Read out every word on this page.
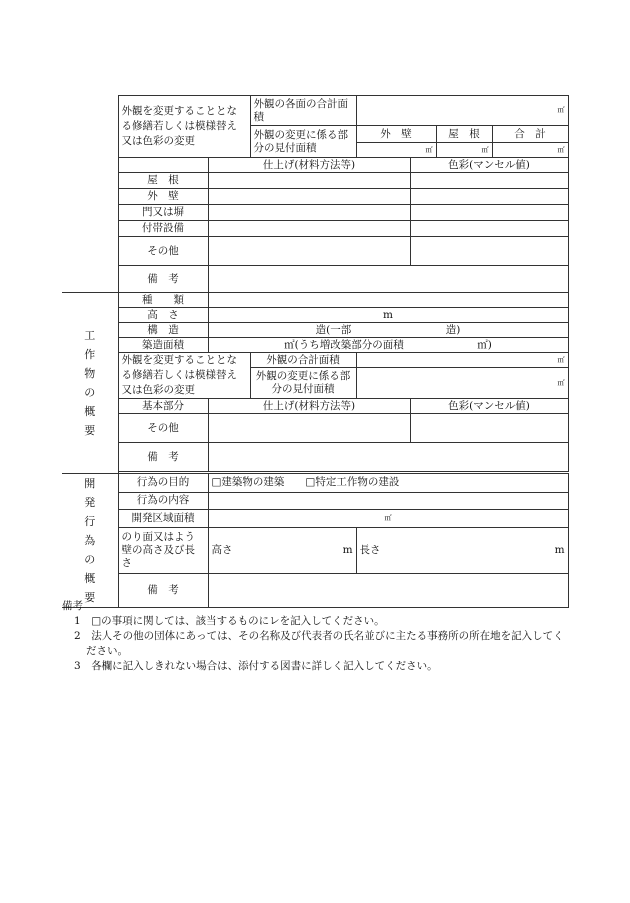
	外観を変更することとなる修繕若しくは模様替え又は色彩の変更		外観の各面の合計面積	㎡
			外観の変更に係る部分の見付面積	外　壁		屋　根	合　計
				㎡		㎡	㎡
		仕上げ(材料方法等)			色彩(マンセル値)		
	屋　根						
	外　壁						
	門又は塀						
	付帯設備						
	その他						
	備　考						
工作物の概要	種　　類						
	高　さ	m					
	構　造	造(一部　　　　　　　　　造)					
	築造面積	㎡(うち増改築部分の面積　　　　　　　㎡)					
	外観を変更することとなる修繕若しくは模様替え又は色彩の変更		外観の合計面積	㎡
			外観の変更に係る部分の見付面積	㎡

	基本部分	仕上げ(材料方法等)			色彩(マンセル値)		
	その他						
	備　考						

開発行為の概要	行為の目的	□建築物の建築　　 □特定工作物の建設					
	行為の内容						
	開発区域面積	㎡
	のり面又はよう壁の高さ及び長さ	高さ m		長さ m			

	備　考						

備考

1　 □の事項に関しては、該当するものにレを記入してください。

2　 法人その他の団体にあっては、その名称及び代表者の氏名並びに主たる事務所の所在地を記入してください。

3　 各欄に記入しきれない場合は、添付する図書に詳しく記入してください。
